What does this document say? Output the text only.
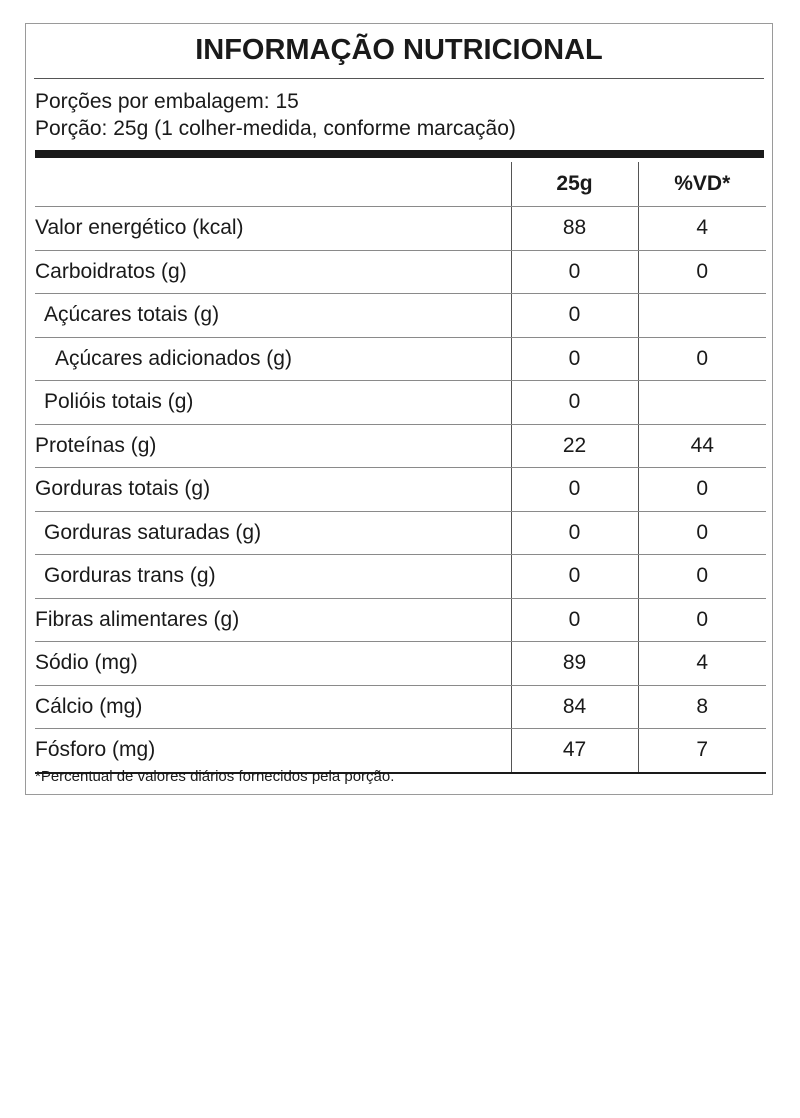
INFORMAÇÃO NUTRICIONAL
Porções por embalagem: 15
Porção: 25g (1 colher-medida, conforme marcação)
	25g	%VD*
Valor energético (kcal)	88	4
Carboidratos (g)	0	0
Açúcares totais (g)	0	
Açúcares adicionados (g)	0	0
Polióis totais (g)	0	
Proteínas (g)	22	44
Gorduras totais (g)	0	0
Gorduras saturadas (g)	0	0
Gorduras trans (g)	0	0
Fibras alimentares (g)	0	0
Sódio (mg)	89	4
Cálcio (mg)	84	8
Fósforo (mg)	47	7
*Percentual de valores diários fornecidos pela porção.
